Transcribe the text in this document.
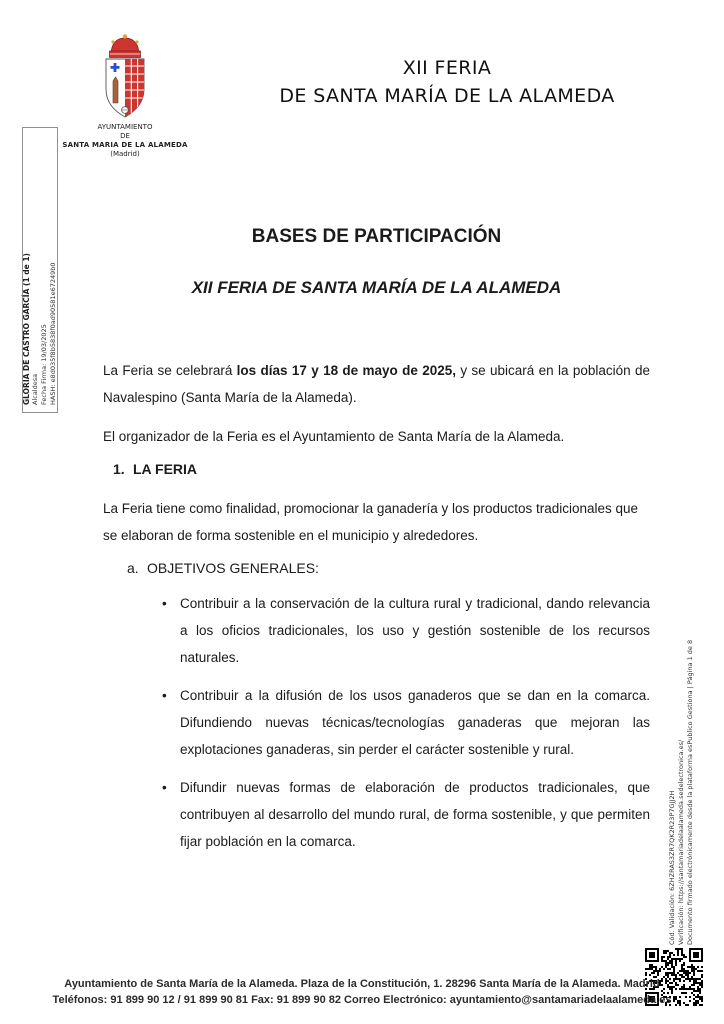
AYUNTAMIENTO
DE
SANTA MARIA DE LA ALAMEDA
(Madrid)
XII FERIA
DE SANTA MARÍA DE LA ALAMEDA
GLORIA DE CASTRO GARCÍA (1 de 1) Alcaldesa Fecha Firma: 19/03/2025 HASH: e8d035f8b5838f0ad90581e67249b0
Cód. Validación: 6ZHZRAS3ZR7QK2R23P7GJJ2H Verificación: https://santamariadelaalameda.sedelectronica.es/ Documento firmado electrónicamente desde la plataforma esPublico Gestiona | Página 1 de 8
BASES DE PARTICIPACIÓN
XII FERIA DE SANTA MARÍA DE LA ALAMEDA

La Feria se celebrará los días 17 y 18 de mayo de 2025, y se ubicará en la población de Navalespino (Santa María de la Alameda).

El organizador de la Feria es el Ayuntamiento de Santa María de la Alameda.

1. LA FERIA

La Feria tiene como finalidad, promocionar la ganadería y los productos tradicionales que se elaboran de forma sostenible en el municipio y alrededores.

a. OBJETIVOS GENERALES:
• Contribuir a la conservación de la cultura rural y tradicional, dando relevancia a los oficios tradicionales, los uso y gestión sostenible de los recursos naturales.
• Contribuir a la difusión de los usos ganaderos que se dan en la comarca. Difundiendo nuevas técnicas/tecnologías ganaderas que mejoran las explotaciones ganaderas, sin perder el carácter sostenible y rural.
• Difundir nuevas formas de elaboración de productos tradicionales, que contribuyen al desarrollo del mundo rural, de forma sostenible, y que permiten fijar población en la comarca.
Ayuntamiento de Santa María de la Alameda. Plaza de la Constitución, 1. 28296 Santa María de la Alameda. Madrid
Teléfonos: 91 899 90 12 / 91 899 90 81 Fax: 91 899 90 82 Correo Electrónico: ayuntamiento@santamariadelaalameda.es
